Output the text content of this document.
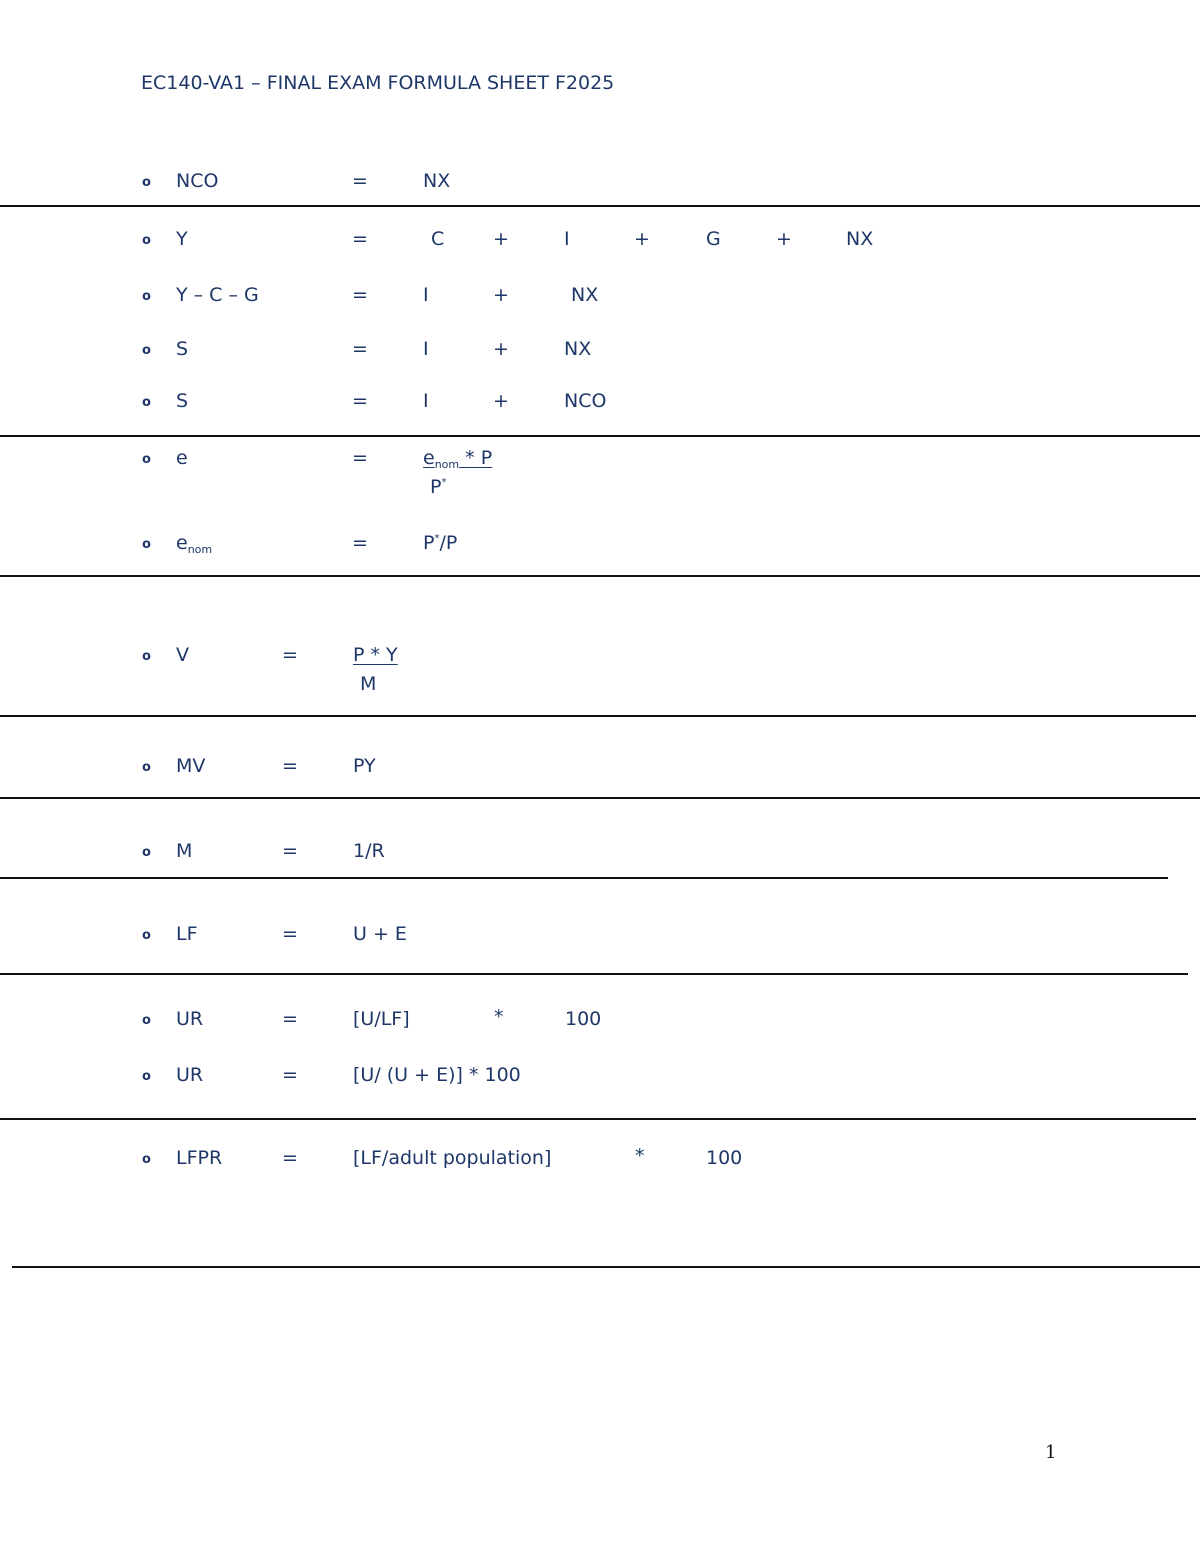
EC140-VA1 – FINAL EXAM FORMULA SHEET F2025
o NCO	=	NX
o Y	=	C	+	I	+	G	+	NX
o Y – C – G	=	I	+	NX
o S	=	I	+	NX
o S	=	I	+	NCO
o e	=	$e_{nom}$ * P
P*
o $e_{nom}$	=	P*/P
o V	=	P * Y
M
o MV	=	PY
o M	=	1/R
o LF	=	U + E
o UR	=	[U/LF]	*	100
o UR	=	[U/ (U + E)] * 100
o LFPR	=	[LF/adult population]	*	100
1
